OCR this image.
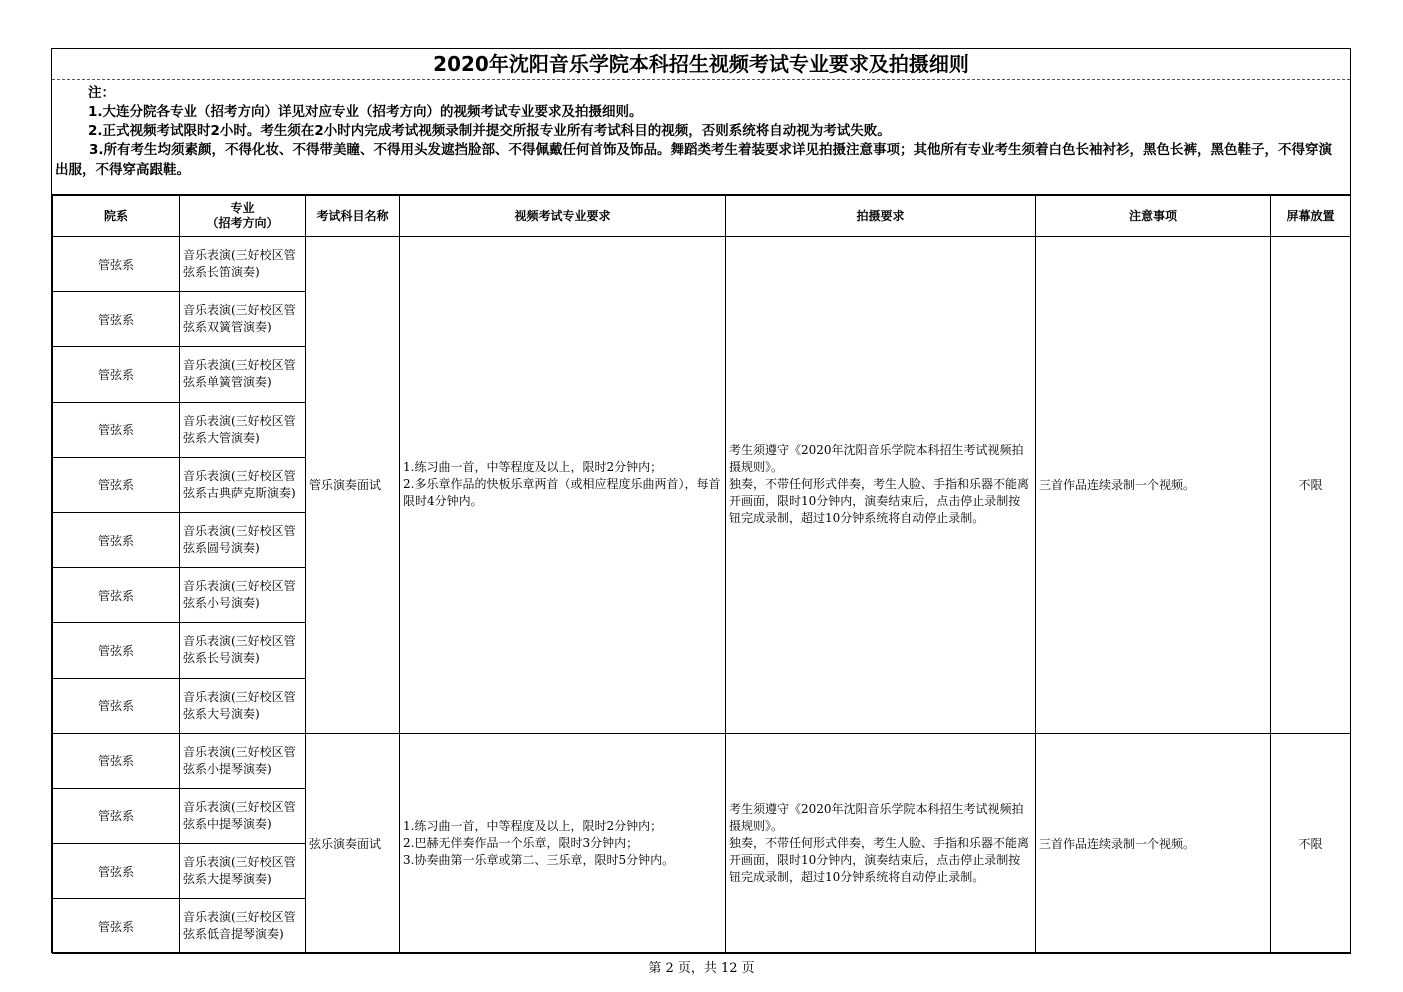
2020年沈阳音乐学院本科招生视频考试专业要求及拍摄细则
注：
1.大连分院各专业（招考方向）详见对应专业（招考方向）的视频考试专业要求及拍摄细则。
2.正式视频考试限时2小时。考生须在2小时内完成考试视频录制并提交所报专业所有考试科目的视频，否则系统将自动视为考试失败。
3.所有考生均须素颜，不得化妆、不得带美瞳、不得用头发遮挡脸部、不得佩戴任何首饰及饰品。舞蹈类考生着装要求详见拍摄注意事项；其他所有专业考生须着白色长袖衬衫，黑色长裤，黑色鞋子，不得穿演出服，不得穿高跟鞋。
院系	专业
（招考方向）	考试科目名称	视频考试专业要求	拍摄要求	注意事项	屏幕放置
管弦系	音乐表演(三好校区管弦系长笛演奏)	管乐演奏面试	1.练习曲一首，中等程度及以上，限时2分钟内；
2.多乐章作品的快板乐章两首（或相应程度乐曲两首），每首限时4分钟内。	考生须遵守《2020年沈阳音乐学院本科招生考试视频拍摄规则》。
独奏，不带任何形式伴奏，考生人脸、手指和乐器不能离开画面，限时10分钟内，演奏结束后，点击停止录制按钮完成录制，超过10分钟系统将自动停止录制。	三首作品连续录制一个视频。	不限
管弦系	音乐表演(三好校区管弦系双簧管演奏)					
管弦系	音乐表演(三好校区管弦系单簧管演奏)					
管弦系	音乐表演(三好校区管弦系大管演奏)					
管弦系	音乐表演(三好校区管弦系古典萨克斯演奏)					
管弦系	音乐表演(三好校区管弦系圆号演奏)					
管弦系	音乐表演(三好校区管弦系小号演奏)					
管弦系	音乐表演(三好校区管弦系长号演奏)					
管弦系	音乐表演(三好校区管弦系大号演奏)					
管弦系	音乐表演(三好校区管弦系小提琴演奏)	弦乐演奏面试	1.练习曲一首，中等程度及以上，限时2分钟内；
2.巴赫无伴奏作品一个乐章，限时3分钟内；
3.协奏曲第一乐章或第二、三乐章，限时5分钟内。	考生须遵守《2020年沈阳音乐学院本科招生考试视频拍摄规则》。
独奏，不带任何形式伴奏，考生人脸、手指和乐器不能离开画面，限时10分钟内，演奏结束后，点击停止录制按钮完成录制，超过10分钟系统将自动停止录制。	三首作品连续录制一个视频。	不限
管弦系	音乐表演(三好校区管弦系中提琴演奏)					
管弦系	音乐表演(三好校区管弦系大提琴演奏)					
管弦系	音乐表演(三好校区管弦系低音提琴演奏)					
第 2 页，共 12 页
